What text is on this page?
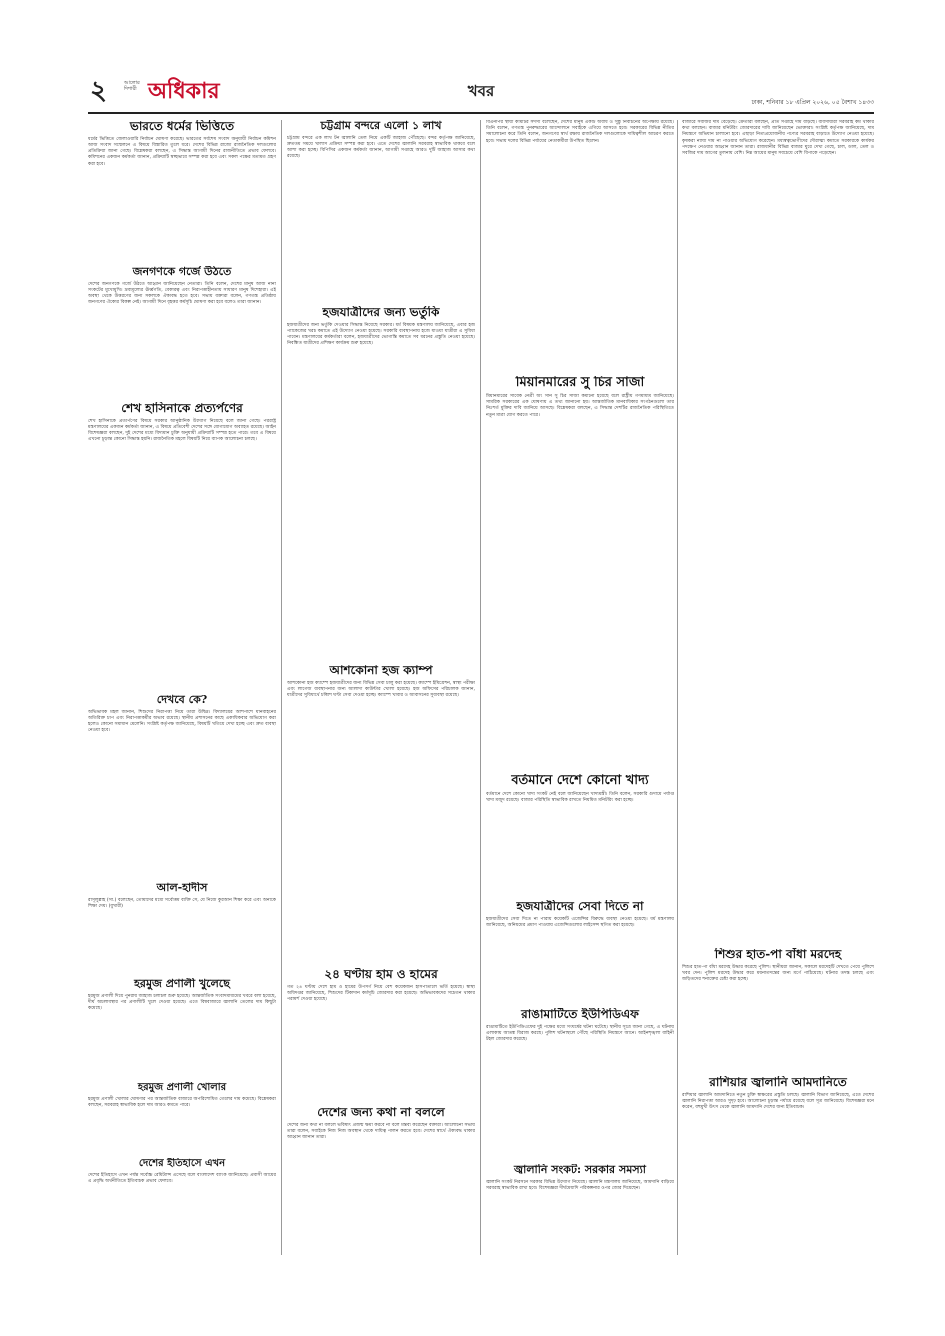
২	আলোর দিশারী অধিকার	খবর
ঢাকা, শনিবার ১৮ এপ্রিল ২০২৬, ০৫ বৈশাখ ১৪৩৩
ভারতে ধর্মের ভিত্তিতে
ধর্মের ভিত্তিতে জেলাওয়ারি নির্বাচন ঘোষণা করেছে। ভারতের সর্বশেষ সংবাদ অনুযায়ী নির্বাচন কমিশন আজ সংবাদ সম্মেলনে এ বিষয়ে বিস্তারিত তুলে ধরে। দেশের বিভিন্ন রাজ্যে রাজনৈতিক দলগুলোর প্রতিক্রিয়া জানা গেছে। বিশ্লেষকরা বলছেন, এ সিদ্ধান্ত আগামী দিনের রাজনীতিতে প্রভাব ফেলবে। কমিশনের একজন কর্মকর্তা জানান, প্রক্রিয়াটি স্বচ্ছভাবে সম্পন্ন করা হবে এবং সকল পক্ষের মতামত গ্রহণ করা হবে।
জনগণকে গর্জে উঠতে
দেশের জনগণকে গর্জে উঠতে আহ্বান জানিয়েছেন নেতারা। তিনি বলেন, দেশের মানুষ আজ নানা সংকটের মুখোমুখি। দ্রব্যমূল্যের ঊর্ধ্বগতি, বেকারত্ব এবং নিরাপত্তাহীনতায় সাধারণ মানুষ দিশেহারা। এই অবস্থা থেকে উত্তরণের জন্য সকলকে ঐক্যবদ্ধ হতে হবে। সভায় বক্তারা বলেন, গণতন্ত্র প্রতিষ্ঠায় জনগণের ঐক্যের বিকল্প নেই। আগামী দিনে বৃহত্তর কর্মসূচি ঘোষণা করা হবে বলেও তারা জানান।
শেখ হাসিনাকে প্রত্যর্পণের
শেখ হাসিনাকে প্রত্যর্পণের বিষয়ে সরকার আনুষ্ঠানিক উদ্যোগ নিয়েছে বলে জানা গেছে। পররাষ্ট্র মন্ত্রণালয়ের একজন কর্মকর্তা জানান, এ বিষয়ে প্রতিবেশী দেশের সঙ্গে যোগাযোগ অব্যাহত রয়েছে। আইন বিশেষজ্ঞরা বলছেন, দুই দেশের মধ্যে বিদ্যমান চুক্তি অনুযায়ী প্রক্রিয়াটি সম্পন্ন হতে পারে। তবে এ বিষয়ে এখনো চূড়ান্ত কোনো সিদ্ধান্ত হয়নি। রাজনৈতিক মহলে বিষয়টি নিয়ে ব্যাপক আলোচনা চলছে।
দেখবে কে?
অভিভাবক মহল জানান, শিশুদের নিরাপত্তা নিয়ে তারা উদ্বিগ্ন। বিদ্যালয়ের আশপাশে যানবাহনের অতিরিক্ত চাপ এবং নিরাপত্তাকর্মীর অভাব রয়েছে। স্থানীয় প্রশাসনের কাছে একাধিকবার অভিযোগ করা হলেও কোনো সমাধান মেলেনি। সংশ্লিষ্ট কর্তৃপক্ষ জানিয়েছে, বিষয়টি খতিয়ে দেখা হচ্ছে এবং দ্রুত ব্যবস্থা নেওয়া হবে।
আল-হাদীস
রাসূলুল্লাহ (সা.) বলেছেন, তোমাদের মধ্যে সর্বোত্তম ব্যক্তি সে, যে নিজে কুরআন শিক্ষা করে এবং অন্যকে শিক্ষা দেয়। (বুখারী)
হরমুজ প্রণালী খুলেছে
হরমুজ প্রণালী দিয়ে পুনরায় জাহাজ চলাচল শুরু হয়েছে। আন্তর্জাতিক সংবাদমাধ্যমের খবরে বলা হয়েছে, দীর্ঘ অচলাবস্থার পর প্রণালীটি খুলে দেওয়া হয়েছে। এতে বিশ্ববাজারে জ্বালানি তেলের দাম কিছুটা কমেছে।
হরমুজ প্রণালী খোলার
হরমুজ প্রণালী খোলার ঘোষণার পর আন্তর্জাতিক বাজারে অপরিশোধিত তেলের দাম কমেছে। বিশ্লেষকরা বলছেন, সরবরাহ স্বাভাবিক হলে দাম আরও কমতে পারে।
দেশের ইতিহাসে এখন
দেশের ইতিহাসে এখন পর্যন্ত সর্বোচ্চ রেমিট্যান্স এসেছে বলে বাংলাদেশ ব্যাংক জানিয়েছে। প্রবাসী আয়ের এ প্রবৃদ্ধি অর্থনীতিতে ইতিবাচক প্রভাব ফেলবে।
চট্টগ্রাম বন্দরে এলো ১ লাখ
চট্টগ্রাম বন্দরে এক লাখ টন জ্বালানি তেল নিয়ে একটি জাহাজ পৌঁছেছে। বন্দর কর্তৃপক্ষ জানিয়েছে, দ্রুততম সময়ে খালাস প্রক্রিয়া সম্পন্ন করা হবে। এতে দেশের জ্বালানি সরবরাহ স্বাভাবিক থাকবে বলে আশা করা হচ্ছে। বিপিসির একজন কর্মকর্তা জানান, আগামী সপ্তাহে আরও দুটি জাহাজ আসার কথা রয়েছে।
হজযাত্রীদের জন্য ভর্তুকি
হজযাত্রীদের জন্য ভর্তুকি দেওয়ার সিদ্ধান্ত নিয়েছে সরকার। ধর্ম বিষয়ক মন্ত্রণালয় জানিয়েছে, এবার হজ প্যাকেজের খরচ কমাতে এই উদ্যোগ নেওয়া হয়েছে। সরকারি ব্যবস্থাপনায় হজে যাওয়া যাত্রীরা এ সুবিধা পাবেন। মন্ত্রণালয়ের কর্মকর্তারা বলেন, হজযাত্রীদের ভোগান্তি কমাতে সব ধরনের প্রস্তুতি নেওয়া হয়েছে। নিবন্ধিত যাত্রীদের প্রশিক্ষণ কার্যক্রম শুরু হয়েছে।
আশকোনা হজ ক্যাম্প
আশকোনা হজ ক্যাম্পে হজযাত্রীদের জন্য বিভিন্ন সেবা চালু করা হয়েছে। ক্যাম্পে ইমিগ্রেশন, স্বাস্থ্য পরীক্ষা এবং লাগেজ ব্যবস্থাপনার জন্য আলাদা কাউন্টার খোলা হয়েছে। হজ অফিসের পরিচালক জানান, যাত্রীদের সুবিধার্থে চব্বিশ ঘণ্টা সেবা দেওয়া হচ্ছে। ক্যাম্পে খাবার ও আবাসনের সুব্যবস্থা রয়েছে।
২৪ ঘণ্টায় হাম ও হামের
গত ২৪ ঘণ্টায় দেশে হাম ও হামের উপসর্গ নিয়ে বেশ কয়েকজন হাসপাতালে ভর্তি হয়েছে। স্বাস্থ্য অধিদপ্তর জানিয়েছে, শিশুদের টিকাদান কর্মসূচি জোরদার করা হয়েছে। অভিভাবকদের সচেতন থাকার পরামর্শ দেওয়া হয়েছে।
দেশের জন্য কথা না বললে
দেশের জন্য কথা না বললে ভবিষ্যৎ প্রজন্ম ক্ষমা করবে না বলে মন্তব্য করেছেন বক্তারা। আলোচনা সভায় তারা বলেন, সবাইকে নিজ নিজ অবস্থান থেকে দায়িত্ব পালন করতে হবে। দেশের স্বার্থে ঐক্যবদ্ধ থাকার আহ্বান জানান তারা।
বিএনপির স্থায়ী কমিটির সদস্য বলেছেন, দেশের মানুষ একটি অবাধ ও সুষ্ঠু নির্বাচনের অপেক্ষায় রয়েছে। তিনি বলেন, গণতন্ত্র পুনরুদ্ধারের আন্দোলনে সবাইকে এগিয়ে আসতে হবে। সরকারের বিভিন্ন নীতির সমালোচনা করে তিনি বলেন, জনগণের স্বার্থ রক্ষায় রাজনৈতিক দলগুলোকে দায়িত্বশীল আচরণ করতে হবে। সভায় দলের বিভিন্ন পর্যায়ের নেতাকর্মীরা উপস্থিত ছিলেন।
মিয়ানমারের সু চির সাজা
মিয়ানমারের সাবেক নেত্রী অং সান সু চির সাজা কমানো হয়েছে বলে রাষ্ট্রীয় গণমাধ্যম জানিয়েছে। সামরিক সরকারের এক ঘোষণায় এ তথ্য জানানো হয়। আন্তর্জাতিক মানবাধিকার সংগঠনগুলো তার নিঃশর্ত মুক্তির দাবি জানিয়ে আসছে। বিশ্লেষকরা বলছেন, এ সিদ্ধান্ত দেশটির রাজনৈতিক পরিস্থিতিতে নতুন মাত্রা যোগ করতে পারে।
বর্তমানে দেশে কোনো খাদ্য
বর্তমানে দেশে কোনো খাদ্য সংকট নেই বলে জানিয়েছেন খাদ্যমন্ত্রী। তিনি বলেন, সরকারি গুদামে পর্যাপ্ত খাদ্য মজুদ রয়েছে। বাজার পরিস্থিতি স্বাভাবিক রাখতে নিয়মিত মনিটরিং করা হচ্ছে।
হজযাত্রীদের সেবা দিতে না
হজযাত্রীদের সেবা দিতে না পারায় কয়েকটি এজেন্সির বিরুদ্ধে ব্যবস্থা নেওয়া হয়েছে। ধর্ম মন্ত্রণালয় জানিয়েছে, অনিয়মের প্রমাণ পাওয়ায় এজেন্সিগুলোর লাইসেন্স স্থগিত করা হয়েছে।
রাঙামাটিতে ইউপিডিএফ
রাঙামাটিতে ইউপিডিএফের দুই পক্ষের মধ্যে সংঘর্ষের ঘটনা ঘটেছে। স্থানীয় সূত্রে জানা গেছে, এ ঘটনায় এলাকায় আতঙ্ক বিরাজ করছে। পুলিশ ঘটনাস্থলে পৌঁছে পরিস্থিতি নিয়ন্ত্রণে আনে। আইনশৃঙ্খলা বাহিনী টহল জোরদার করেছে।
জ্বালানি সংকট: সরকার সমস্যা
জ্বালানি সংকট নিরসনে সরকার বিভিন্ন উদ্যোগ নিয়েছে। জ্বালানি মন্ত্রণালয় জানিয়েছে, আমদানি বাড়িয়ে সরবরাহ স্বাভাবিক রাখা হবে। বিশেষজ্ঞরা দীর্ঘমেয়াদি পরিকল্পনার ওপর জোর দিয়েছেন।
বাজারে সবজির দাম বেড়েছে। ক্রেতারা বলছেন, প্রতি সপ্তাহে দাম বাড়ছে। ব্যবসায়ীরা সরবরাহ কম থাকার কথা বলছেন। বাজার মনিটরিং জোরদারের দাবি জানিয়েছেন ভোক্তারা। সংশ্লিষ্ট কর্তৃপক্ষ জানিয়েছে, দাম নিয়ন্ত্রণে অভিযান চালানো হবে। এছাড়া নিত্যপ্রয়োজনীয় পণ্যের সরবরাহ বাড়াতে উদ্যোগ নেওয়া হয়েছে। কৃষকরা ন্যায্য দাম না পাওয়ার অভিযোগ করেছেন। মধ্যস্বত্বভোগীদের দৌরাত্ম্য কমাতে সরকারকে কার্যকর পদক্ষেপ নেওয়ার আহ্বান জানান তারা। রাজধানীর বিভিন্ন বাজার ঘুরে দেখা গেছে, চাল, ডাল, তেল ও সবজির দাম আগের তুলনায় বেশি। নিম্ন আয়ের মানুষ সবচেয়ে বেশি বিপাকে পড়েছেন।
শিশুর হাত-পা বাঁধা মরদেহ
শিশুর হাত-পা বাঁধা মরদেহ উদ্ধার করেছে পুলিশ। স্থানীয়রা জানান, সকালে মরদেহটি দেখতে পেয়ে পুলিশে খবর দেন। পুলিশ মরদেহ উদ্ধার করে ময়নাতদন্তের জন্য মর্গে পাঠিয়েছে। ঘটনার তদন্ত চলছে এবং জড়িতদের শনাক্তের চেষ্টা করা হচ্ছে।
রাশিয়ার জ্বালানি আমদানিতে
রাশিয়ার জ্বালানি আমদানিতে নতুন চুক্তি স্বাক্ষরের প্রস্তুতি চলছে। জ্বালানি বিভাগ জানিয়েছে, এতে দেশের জ্বালানি নিরাপত্তা আরও সুদৃঢ় হবে। আলোচনা চূড়ান্ত পর্যায়ে রয়েছে বলে সূত্র জানিয়েছে। বিশেষজ্ঞরা মনে করেন, বহুমুখী উৎস থেকে জ্বালানি আমদানি দেশের জন্য ইতিবাচক।
